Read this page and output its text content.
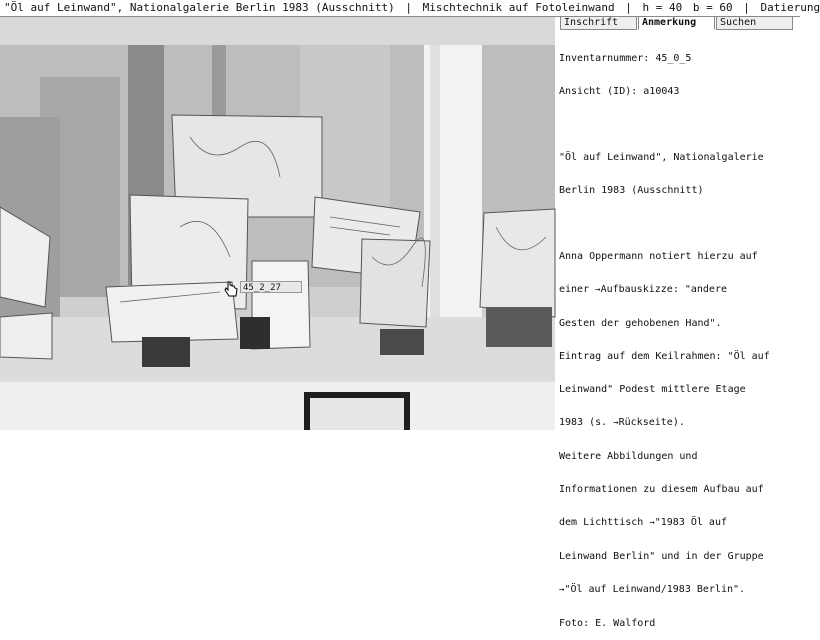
"Öl auf Leinwand", Nationalgalerie Berlin 1983 (Ausschnitt) | Mischtechnik auf Fotoleinwand | h = 40 b = 60 | Datierung
45_2_27
Inschrift	Anmerkung	Suchen

Inventarnummer: 45_0_5

Ansicht (ID): a10043

"Öl auf Leinwand", Nationalgalerie

Berlin 1983 (Ausschnitt)

Anna Oppermann notiert hierzu auf

einer →Aufbauskizze: "andere

Gesten der gehobenen Hand".

Eintrag auf dem Keilrahmen: "Öl auf

Leinwand" Podest mittlere Etage

1983 (s. →Rückseite).

Weitere Abbildungen und

Informationen zu diesem Aufbau auf

dem Lichttisch →"1983 Öl auf

Leinwand Berlin" und in der Gruppe

→"Öl auf Leinwand/1983 Berlin".

Foto: E. Walford
